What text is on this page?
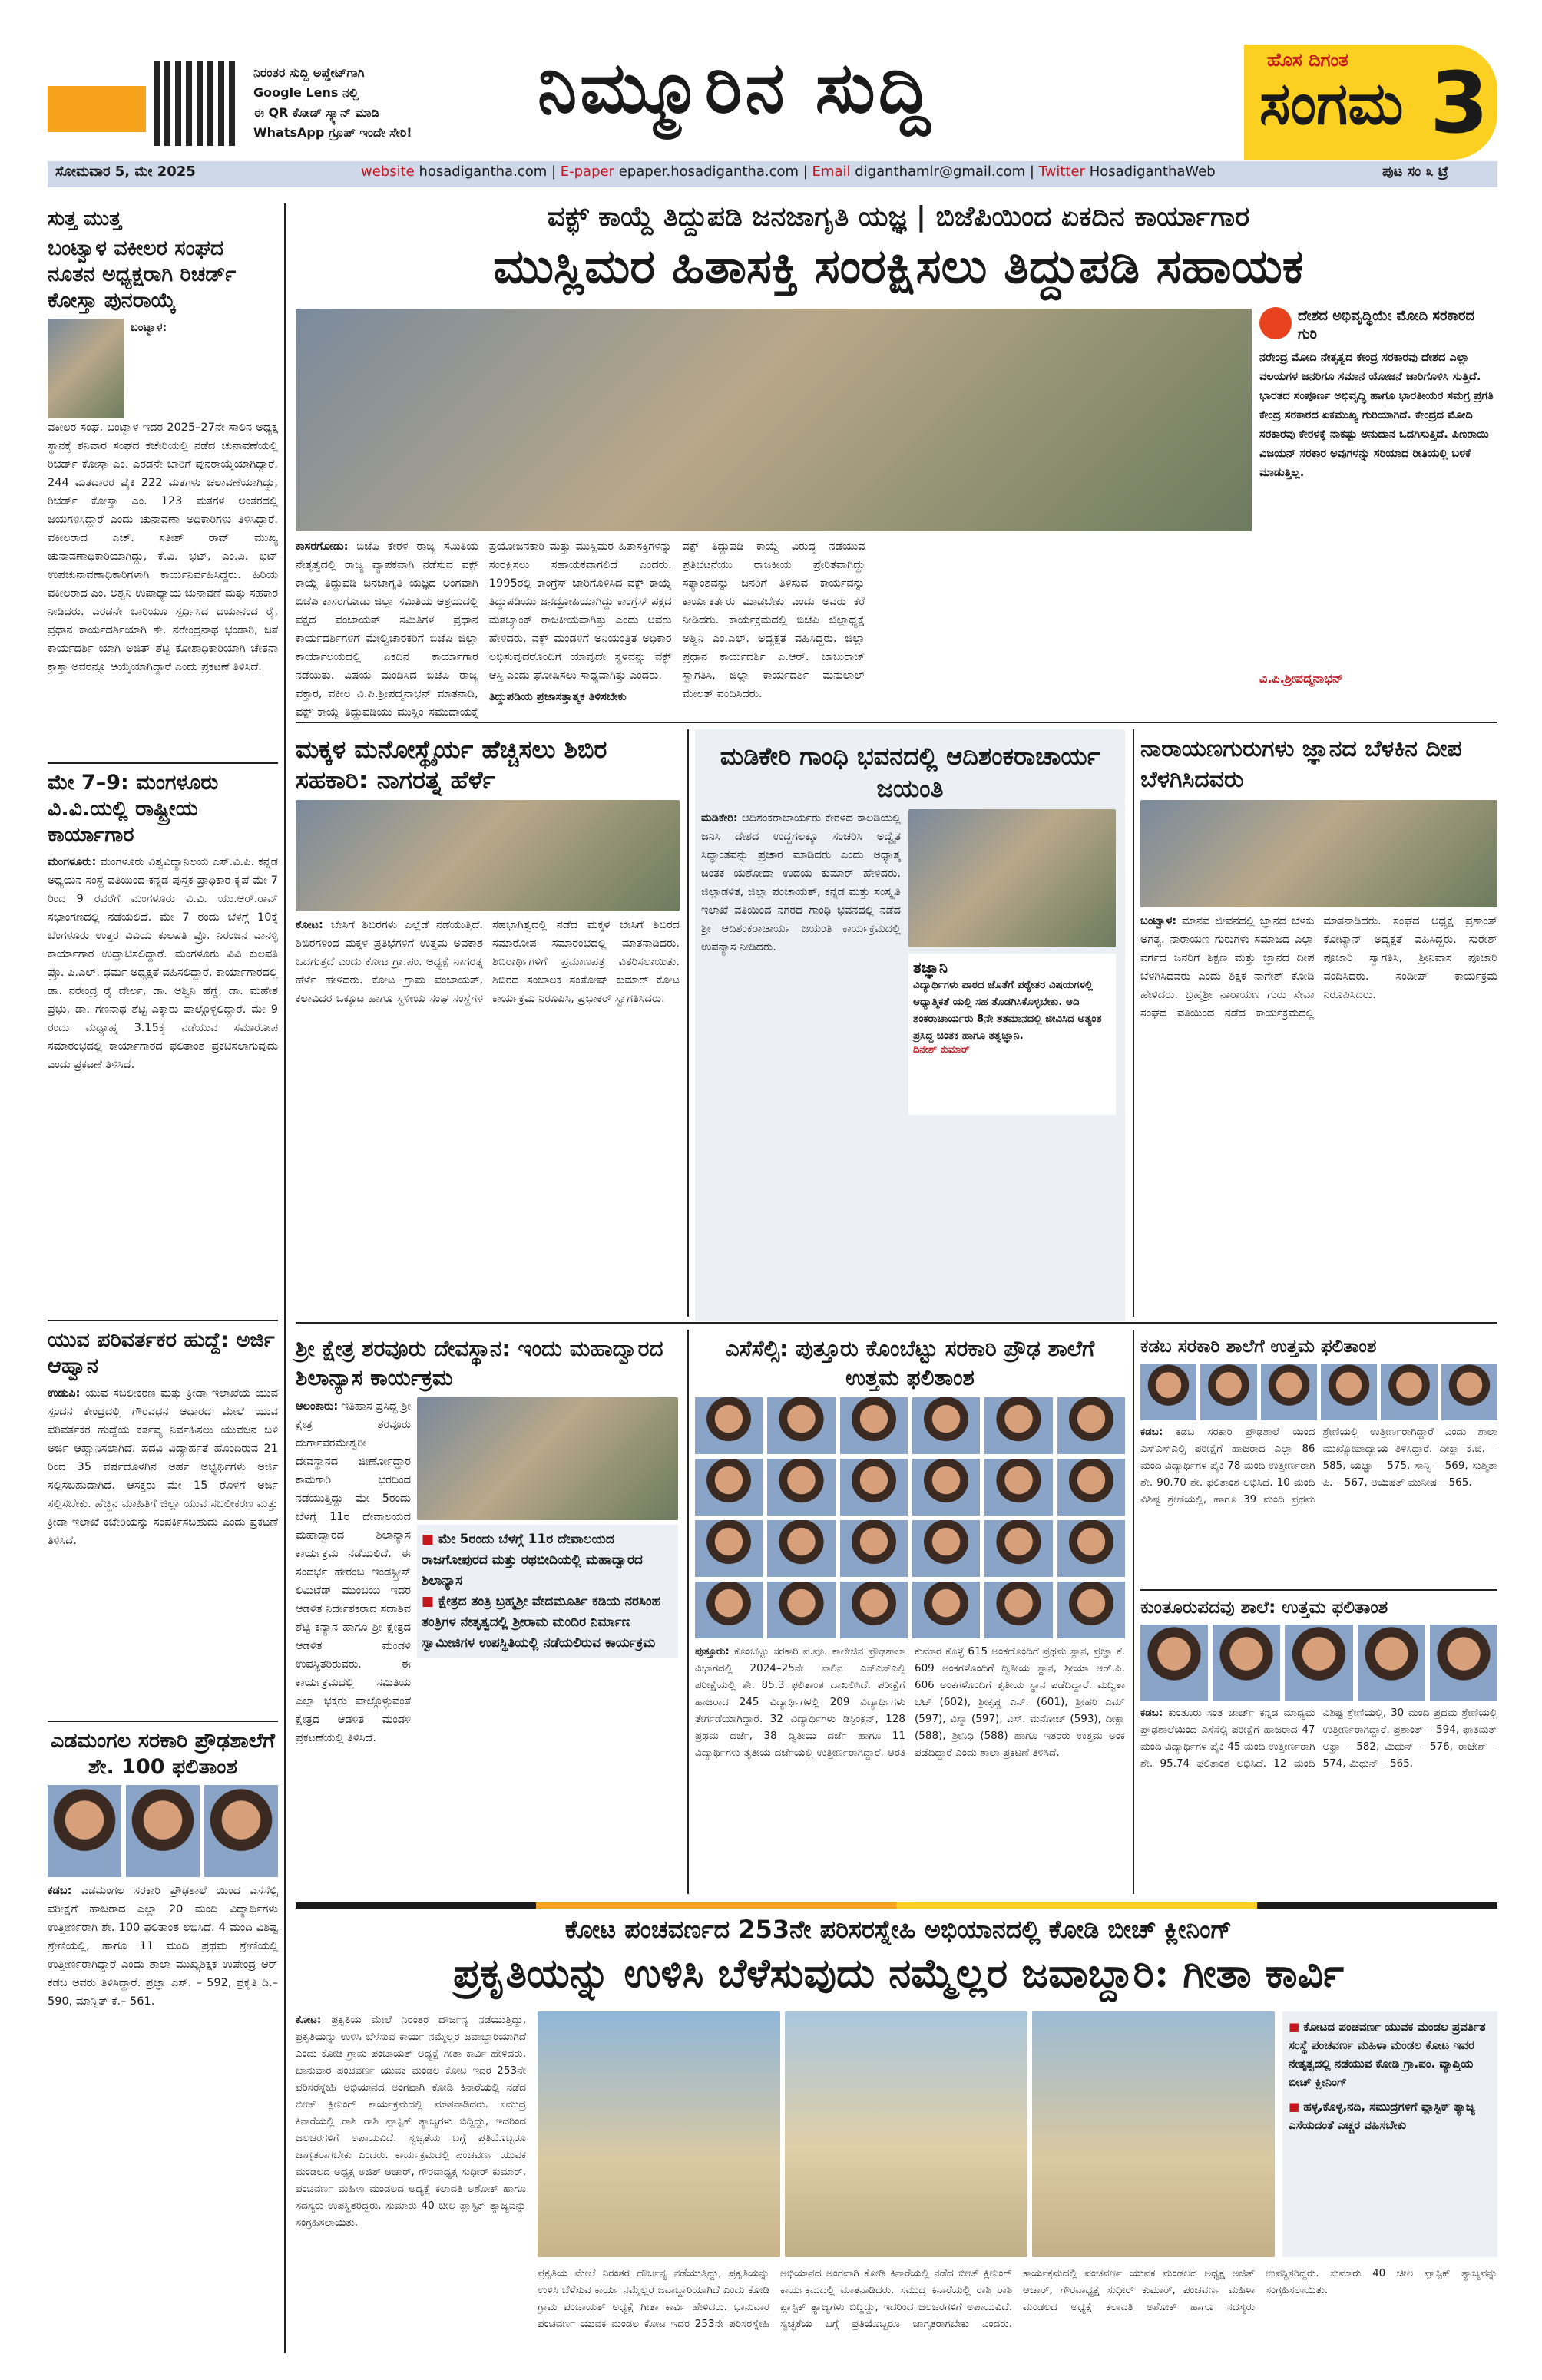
ನಿರಂತರ ಸುದ್ದಿ ಅಪ್ಡೇಟ್‌ಗಾಗಿ
Google Lens ನಲ್ಲಿ
ಈ QR ಕೋಡ್ ಸ್ಕ್ಯಾನ್ ಮಾಡಿ
WhatsApp ಗ್ರೂಪ್ ಇಂದೇ ಸೇರಿ!
ನಿಮ್ಮೂರಿನ ಸುದ್ದಿ	ಹೊಸ ದಿಗಂತ
ಸಂಗಮ 3
ಸೋಮವಾರ 5, ಮೇ 2025	website hosadigantha.com | E-paper epaper.hosadigantha.com | Email diganthamlr@gmail.com | Twitter HosadiganthaWeb	ಪುಟ ಸಂ ೩ ಟ್ರೆ
ಸುತ್ತ ಮುತ್ತ
ಬಂಟ್ವಾಳ ವಕೀಲರ ಸಂಘದ ನೂತನ ಅಧ್ಯಕ್ಷರಾಗಿ ರಿಚರ್ಡ್ ಕೋಸ್ತಾ ಪುನರಾಯ್ಕೆ
ಬಂಟ್ವಾಳ:
ವಕೀಲರ ಸಂಘ, ಬಂಟ್ವಾಳ ಇದರ 2025–27ನೇ ಸಾಲಿನ ಅಧ್ಯಕ್ಷ ಸ್ಥಾನಕ್ಕೆ ಶನಿವಾರ ಸಂಘದ ಕಚೇರಿಯಲ್ಲಿ ನಡೆದ ಚುನಾವಣೆಯಲ್ಲಿ ರಿಚರ್ಡ್ ಕೋಸ್ತಾ ಎಂ. ಎರಡನೇ ಬಾರಿಗೆ ಪುನರಾಯ್ಕೆಯಾಗಿದ್ದಾರೆ. 244 ಮತದಾರರ ಪೈಕಿ 222 ಮತಗಳು ಚಲಾವಣೆಯಾಗಿದ್ದು, ರಿಚರ್ಡ್ ಕೋಸ್ತಾ ಎಂ. 123 ಮತಗಳ ಅಂತರದಲ್ಲಿ ಜಯಗಳಿಸಿದ್ದಾರೆ ಎಂದು ಚುನಾವಣಾ ಅಧಿಕಾರಿಗಳು ತಿಳಿಸಿದ್ದಾರೆ. ವಕೀಲರಾದ ಎಚ್. ಸತೀಶ್ ರಾವ್ ಮುಖ್ಯ ಚುನಾವಣಾಧಿಕಾರಿಯಾಗಿದ್ದು, ಕೆ.ವಿ. ಭಟ್, ಎಂ.ಪಿ. ಭಟ್ ಉಪಚುನಾವಣಾಧಿಕಾರಿಗಳಾಗಿ ಕಾರ್ಯನಿರ್ವಹಿಸಿದ್ದರು. ಹಿರಿಯ ವಕೀಲರಾದ ಎಂ. ಅಶ್ವನಿ ಉಪಾಧ್ಯಾಯ ಚುನಾವಣೆ ಮತ್ತು ಸಹಕಾರ ನೀಡಿದರು. ಎರಡನೇ ಬಾರಿಯೂ ಸ್ಪರ್ಧಿಸಿದ ದಯಾನಂದ ರೈ, ಪ್ರಧಾನ ಕಾರ್ಯದರ್ಶಿಯಾಗಿ ಶೇ. ನರೇಂದ್ರನಾಥ ಭಂಡಾರಿ, ಜತೆ ಕಾರ್ಯದರ್ಶಿ ಯಾಗಿ ಅಜಿತ್ ಶೆಟ್ಟಿ ಕೋಶಾಧಿಕಾರಿಯಾಗಿ ಚೇತನಾ ಕ್ರಾಸ್ತಾ ಅವರನ್ನೂ ಆಯ್ಕೆಯಾಗಿದ್ದಾರೆ ಎಂದು ಪ್ರಕಟಣೆ ತಿಳಿಸಿದೆ.
ಮೇ 7–9: ಮಂಗಳೂರು ವಿ.ವಿ.ಯಲ್ಲಿ ರಾಷ್ಟ್ರೀಯ ಕಾರ್ಯಾಗಾರ
ಮಂಗಳೂರು: ಮಂಗಳೂರು ವಿಶ್ವವಿದ್ಯಾನಿಲಯ ಎಸ್.ವಿ.ಪಿ. ಕನ್ನಡ ಅಧ್ಯಯನ ಸಂಸ್ಥೆ ವತಿಯಿಂದ ಕನ್ನಡ ಪುಸ್ತಕ ಪ್ರಾಧಿಕಾರ ಕೃಪೆ ಮೇ 7 ರಿಂದ 9 ರವರೆಗೆ ಮಂಗಳೂರು ವಿ.ವಿ. ಯು.ಆರ್.ರಾವ್ ಸಭಾಂಗಣದಲ್ಲಿ ನಡೆಯಲಿದೆ. ಮೇ 7 ರಂದು ಬೆಳಗ್ಗೆ 10ಕ್ಕೆ ಬೆಂಗಳೂರು ಉತ್ತರ ವಿವಿಯ ಕುಲಪತಿ ಪ್ರೊ. ನಿರಂಜನ ವಾನಳ್ಳಿ ಕಾರ್ಯಾಗಾರ ಉದ್ಘಾಟಿಸಲಿದ್ದಾರೆ. ಮಂಗಳೂರು ವಿವಿ ಕುಲಪತಿ ಪ್ರೊ. ಪಿ.ಎಲ್. ಧರ್ಮ ಅಧ್ಯಕ್ಷತೆ ವಹಿಸಲಿದ್ದಾರೆ. ಕಾರ್ಯಾಗಾರದಲ್ಲಿ ಡಾ. ನರೇಂದ್ರ ರೈ ದೇರ್ಲ, ಡಾ. ಅಶ್ವಿನಿ ಹೆಗ್ಡೆ, ಡಾ. ಮಹೇಶ ಪ್ರಭು, ಡಾ. ಗಣನಾಥ ಶೆಟ್ಟಿ ಎಕ್ಕಾರು ಪಾಲ್ಗೊಳ್ಳಲಿದ್ದಾರೆ. ಮೇ 9 ರಂದು ಮಧ್ಯಾಹ್ನ 3.15ಕ್ಕೆ ನಡೆಯುವ ಸಮಾರೋಪ ಸಮಾರಂಭದಲ್ಲಿ ಕಾರ್ಯಾಗಾರದ ಫಲಿತಾಂಶ ಪ್ರಕಟಿಸಲಾಗುವುದು ಎಂದು ಪ್ರಕಟಣೆ ತಿಳಿಸಿದೆ.
ಯುವ ಪರಿವರ್ತಕರ ಹುದ್ದೆ: ಅರ್ಜಿ ಆಹ್ವಾನ
ಉಡುಪಿ: ಯುವ ಸಬಲೀಕರಣ ಮತ್ತು ಕ್ರೀಡಾ ಇಲಾಖೆಯ ಯುವ ಸ್ಪಂದನ ಕೇಂದ್ರದಲ್ಲಿ ಗೌರವಧನ ಆಧಾರದ ಮೇಲೆ ಯುವ ಪರಿವರ್ತಕರ ಹುದ್ದೆಯ ಕರ್ತವ್ಯ ನಿರ್ವಹಿಸಲು ಯುವಜನ ಬಳಿ ಅರ್ಜಿ ಆಹ್ವಾನಿಸಲಾಗಿದೆ. ಪದವಿ ವಿದ್ಯಾರ್ಹತೆ ಹೊಂದಿರುವ 21 ರಿಂದ 35 ವರ್ಷದೊಳಗಿನ ಅರ್ಹ ಅಭ್ಯರ್ಥಿಗಳು ಅರ್ಜಿ ಸಲ್ಲಿಸಬಹುದಾಗಿದೆ. ಆಸಕ್ತರು ಮೇ 15 ರೊಳಗೆ ಅರ್ಜಿ ಸಲ್ಲಿಸಬೇಕು. ಹೆಚ್ಚಿನ ಮಾಹಿತಿಗೆ ಜಿಲ್ಲಾ ಯುವ ಸಬಲೀಕರಣ ಮತ್ತು ಕ್ರೀಡಾ ಇಲಾಖೆ ಕಚೇರಿಯನ್ನು ಸಂಪರ್ಕಿಸಬಹುದು ಎಂದು ಪ್ರಕಟಣೆ ತಿಳಿಸಿದೆ.
ಎಡಮಂಗಲ ಸರಕಾರಿ ಪ್ರೌಢಶಾಲೆಗೆ ಶೇ. 100 ಫಲಿತಾಂಶ
ಕಡಬ: ಎಡಮಂಗಲ ಸರಕಾರಿ ಪ್ರೌಢಶಾಲೆ ಯಿಂದ ಎಸೆಸೆಲ್ಸಿ ಪರೀಕ್ಷೆಗೆ ಹಾಜರಾದ ಎಲ್ಲಾ 20 ಮಂದಿ ವಿದ್ಯಾರ್ಥಿಗಳು ಉತ್ತೀರ್ಣರಾಗಿ ಶೇ. 100 ಫಲಿತಾಂಶ ಲಭಿಸಿದೆ. 4 ಮಂದಿ ವಿಶಿಷ್ಟ ಶ್ರೇಣಿಯಲ್ಲಿ, ಹಾಗೂ 11 ಮಂದಿ ಪ್ರಥಮ ಶ್ರೇಣಿಯಲ್ಲಿ ಉತ್ತೀರ್ಣರಾಗಿದ್ದಾರೆ ಎಂದು ಶಾಲಾ ಮುಖ್ಯಶಿಕ್ಷಕ ಉಪೇಂದ್ರ ಆರ್ ಕಡಬ ಅವರು ತಿಳಿಸಿದ್ದಾರೆ. ಪ್ರಜ್ಞಾ ಎಸ್. – 592, ಪ್ರಕೃತಿ ಡಿ.– 590, ಮಾನ್ವಿತ್ ಕೆ.– 561.
ವಕ್ಫ್ ಕಾಯ್ದೆ ತಿದ್ದುಪಡಿ ಜನಜಾಗೃತಿ ಯಜ್ಞ | ಬಿಜೆಪಿಯಿಂದ ಏಕದಿನ ಕಾರ್ಯಾಗಾರ
ಮುಸ್ಲಿಮರ ಹಿತಾಸಕ್ತಿ ಸಂರಕ್ಷಿಸಲು ತಿದ್ದುಪಡಿ ಸಹಾಯಕ
ಕಾಸರಗೋಡು: ಬಿಜೆಪಿ ಕೇರಳ ರಾಜ್ಯ ಸಮಿತಿಯ ನೇತೃತ್ವದಲ್ಲಿ ರಾಜ್ಯ ವ್ಯಾಪಕವಾಗಿ ನಡೆಸುವ ವಕ್ಫ್ ಕಾಯ್ದೆ ತಿದ್ದುಪಡಿ ಜನಜಾಗೃತಿ ಯಜ್ಞದ ಅಂಗವಾಗಿ ಬಿಜೆಪಿ ಕಾಸರಗೋಡು ಜಿಲ್ಲಾ ಸಮಿತಿಯ ಆಶ್ರಯದಲ್ಲಿ ಪಕ್ಷದ ಪಂಚಾಯತ್ ಸಮಿತಿಗಳ ಪ್ರಧಾನ ಕಾರ್ಯದರ್ಶಿಗಳಿಗೆ ಮೇಲ್ವಿಚಾರಕರಿಗೆ ಬಿಜೆಪಿ ಜಿಲ್ಲಾ ಕಾರ್ಯಾಲಯದಲ್ಲಿ ಏಕದಿನ ಕಾರ್ಯಾಗಾರ ನಡೆಯಿತು. ವಿಷಯ ಮಂಡಿಸಿದ ಬಿಜೆಪಿ ರಾಜ್ಯ ವಕ್ತಾರ, ವಕೀಲ ವಿ.ಪಿ.ಶ್ರೀಪದ್ಮನಾಭನ್ ಮಾತನಾಡಿ, ವಕ್ಫ್ ಕಾಯ್ದೆ ತಿದ್ದುಪಡಿಯು ಮುಸ್ಲಿಂ ಸಮುದಾಯಕ್ಕೆ ಪ್ರಯೋಜನಕಾರಿ ಮತ್ತು ಮುಸ್ಲಿಮರ ಹಿತಾಸಕ್ತಿಗಳನ್ನು ಸಂರಕ್ಷಿಸಲು ಸಹಾಯಕವಾಗಲಿದೆ ಎಂದರು. 1995ರಲ್ಲಿ ಕಾಂಗ್ರೆಸ್ ಜಾರಿಗೊಳಿಸಿದ ವಕ್ಫ್ ಕಾಯ್ದೆ ತಿದ್ದುಪಡಿಯು ಜನದ್ರೋಹಿಯಾಗಿದ್ದು ಕಾಂಗ್ರೆಸ್ ಪಕ್ಷದ ಮತಬ್ಯಾಂಕ್ ರಾಜಕೀಯವಾಗಿತ್ತು ಎಂದು ಅವರು ಹೇಳಿದರು. ವಕ್ಫ್ ಮಂಡಳಿಗೆ ಅನಿಯಂತ್ರಿತ ಅಧಿಕಾರ ಲಭಿಸುವುದರೊಂದಿಗೆ ಯಾವುದೇ ಸ್ಥಳವನ್ನು ವಕ್ಫ್ ಆಸ್ತಿ ಎಂದು ಘೋಷಿಸಲು ಸಾಧ್ಯವಾಗಿತ್ತು ಎಂದರು.
ತಿದ್ದುಪಡಿಯ ಪ್ರಜಾಸತ್ತಾತ್ಮಕ ತಿಳಿಸಬೇಕು
ವಕ್ಫ್ ತಿದ್ದುಪಡಿ ಕಾಯ್ದೆ ವಿರುದ್ಧ ನಡೆಯುವ ಪ್ರತಿಭಟನೆಯು ರಾಜಕೀಯ ಪ್ರೇರಿತವಾಗಿದ್ದು ಸತ್ಯಾಂಶವನ್ನು ಜನರಿಗೆ ತಿಳಿಸುವ ಕಾರ್ಯವನ್ನು ಕಾರ್ಯಕರ್ತರು ಮಾಡಬೇಕು ಎಂದು ಅವರು ಕರೆ ನೀಡಿದರು. ಕಾರ್ಯಕ್ರಮದಲ್ಲಿ ಬಿಜೆಪಿ ಜಿಲ್ಲಾಧ್ಯಕ್ಷೆ ಅಶ್ವಿನಿ ಎಂ.ಎಲ್. ಅಧ್ಯಕ್ಷತೆ ವಹಿಸಿದ್ದರು. ಜಿಲ್ಲಾ ಪ್ರಧಾನ ಕಾರ್ಯದರ್ಶಿ ಎ.ಆರ್. ಬಾಬುರಾಜ್ ಸ್ವಾಗತಿಸಿ, ಜಿಲ್ಲಾ ಕಾರ್ಯದರ್ಶಿ ಮನುಲಾಲ್ ಮೇಲತ್ ವಂದಿಸಿದರು.
ದೇಶದ ಅಭಿವೃದ್ಧಿಯೇ ಮೋದಿ ಸರಕಾರದ ಗುರಿ
ನರೇಂದ್ರ ಮೋದಿ ನೇತೃತ್ವದ ಕೇಂದ್ರ ಸರಕಾರವು ದೇಶದ ಎಲ್ಲಾ ವಲಯಗಳ ಜನರಿಗೂ ಸಮಾನ ಯೋಜನೆ ಜಾರಿಗೊಳಿಸಿ ಸುತ್ತಿದೆ. ಭಾರತದ ಸಂಪೂರ್ಣ ಅಭಿವೃದ್ಧಿ ಹಾಗೂ ಭಾರತೀಯರ ಸಮಗ್ರ ಪ್ರಗತಿ ಕೇಂದ್ರ ಸರಕಾರದ ಏಕಮುಖ್ಯ ಗುರಿಯಾಗಿದೆ. ಕೇಂದ್ರದ ಮೋದಿ ಸರಕಾರವು ಕೇರಳಕ್ಕೆ ನಾಕಷ್ಟು ಅನುದಾನ ಒದಗಿಸುತ್ತಿದೆ. ಪಿಣರಾಯಿ ವಿಜಯನ್ ಸರಕಾರ ಅವುಗಳನ್ನು ಸರಿಯಾದ ರೀತಿಯಲ್ಲಿ ಬಳಕೆ ಮಾಡುತ್ತಿಲ್ಲ.
ವಿ.ಪಿ.ಶ್ರೀಪದ್ಮನಾಭನ್
ಮಕ್ಕಳ ಮನೋಸ್ಥೈರ್ಯ ಹೆಚ್ಚಿಸಲು ಶಿಬಿರ ಸಹಕಾರಿ: ನಾಗರತ್ನ ಹೆರ್ಳೆ
ಕೋಟ: ಬೇಸಿಗೆ ಶಿಬಿರಗಳು ಎಲ್ಲೆಡೆ ನಡೆಯುತ್ತಿದೆ. ಶಿಬಿರಗಳಿಂದ ಮಕ್ಕಳ ಪ್ರತಿಭೆಗಳಿಗೆ ಉತ್ತಮ ಅವಕಾಶ ಒದಗುತ್ತದೆ ಎಂದು ಕೋಟ ಗ್ರಾ.ಪಂ. ಅಧ್ಯಕ್ಷೆ ನಾಗರತ್ನ ಹೆರ್ಳೆ ಹೇಳಿದರು. ಕೋಟ ಗ್ರಾಮ ಪಂಚಾಯತ್, ಕಲಾವಿದರ ಒಕ್ಕೂಟ ಹಾಗೂ ಸ್ಥಳೀಯ ಸಂಘ ಸಂಸ್ಥೆಗಳ ಸಹಭಾಗಿತ್ವದಲ್ಲಿ ನಡೆದ ಮಕ್ಕಳ ಬೇಸಿಗೆ ಶಿಬಿರದ ಸಮಾರೋಪ ಸಮಾರಂಭದಲ್ಲಿ ಮಾತನಾಡಿದರು. ಶಿಬಿರಾರ್ಥಿಗಳಿಗೆ ಪ್ರಮಾಣಪತ್ರ ವಿತರಿಸಲಾಯಿತು. ಶಿಬಿರದ ಸಂಚಾಲಕ ಸಂತೋಷ್ ಕುಮಾರ್ ಕೋಟ ಕಾರ್ಯಕ್ರಮ ನಿರೂಪಿಸಿ, ಪ್ರಭಾಕರ್ ಸ್ವಾಗತಿಸಿದರು.
ಮಡಿಕೇರಿ ಗಾಂಧಿ ಭವನದಲ್ಲಿ ಆದಿಶಂಕರಾಚಾರ್ಯ ಜಯಂತಿ
ಮಡಿಕೇರಿ: ಆದಿಶಂಕರಾಚಾರ್ಯರು ಕೇರಳದ ಕಾಲಡಿಯಲ್ಲಿ ಜನಿಸಿ ದೇಶದ ಉದ್ದಗಲಕ್ಕೂ ಸಂಚರಿಸಿ ಅದ್ವೈತ ಸಿದ್ಧಾಂತವನ್ನು ಪ್ರಚಾರ ಮಾಡಿದರು ಎಂದು ಅಧ್ಯಾತ್ಮ ಚಿಂತಕ ಯಶೋದಾ ಉದಯ ಕುಮಾರ್ ಹೇಳಿದರು. ಜಿಲ್ಲಾಡಳಿತ, ಜಿಲ್ಲಾ ಪಂಚಾಯತ್, ಕನ್ನಡ ಮತ್ತು ಸಂಸ್ಕೃತಿ ಇಲಾಖೆ ವತಿಯಿಂದ ನಗರದ ಗಾಂಧಿ ಭವನದಲ್ಲಿ ನಡೆದ ಶ್ರೀ ಆದಿಶಂಕರಾಚಾರ್ಯ ಜಯಂತಿ ಕಾರ್ಯಕ್ರಮದಲ್ಲಿ ಉಪನ್ಯಾಸ ನೀಡಿದರು.
ತಜ್ಞಾನಿ
ವಿದ್ಯಾರ್ಥಿಗಳು ಪಾಠದ ಜೊತೆಗೆ ಪಠ್ಯೇತರ ವಿಷಯಗಳಲ್ಲಿ ಆಧ್ಯಾತ್ಮಿಕತೆ ಯಲ್ಲಿ ಸಹ ತೊಡಗಿಸಿಕೊಳ್ಳಬೇಕು. ಆದಿ ಶಂಕರಾಚಾರ್ಯರು 8ನೇ ಶತಮಾನದಲ್ಲಿ ಜೀವಿಸಿದ ಅತ್ಯಂತ ಪ್ರಸಿದ್ಧ ಚಿಂತಕ ಹಾಗೂ ತತ್ವಜ್ಞಾನಿ.
ದಿನೇಶ್ ಕುಮಾರ್
ನಾರಾಯಣಗುರುಗಳು ಜ್ಞಾನದ ಬೆಳಕಿನ ದೀಪ ಬೆಳಗಿಸಿದವರು
ಬಂಟ್ವಾಳ: ಮಾನವ ಜೀವನದಲ್ಲಿ ಜ್ಞಾನದ ಬೆಳಕು ಅಗತ್ಯ. ನಾರಾಯಣ ಗುರುಗಳು ಸಮಾಜದ ಎಲ್ಲಾ ವರ್ಗದ ಜನರಿಗೆ ಶಿಕ್ಷಣ ಮತ್ತು ಜ್ಞಾನದ ದೀಪ ಬೆಳಗಿಸಿದವರು ಎಂದು ಶಿಕ್ಷಕ ನಾಗೇಶ್ ಕೋಡಿ ಹೇಳಿದರು. ಬ್ರಹ್ಮಶ್ರೀ ನಾರಾಯಣ ಗುರು ಸೇವಾ ಸಂಘದ ವತಿಯಿಂದ ನಡೆದ ಕಾರ್ಯಕ್ರಮದಲ್ಲಿ ಮಾತನಾಡಿದರು. ಸಂಘದ ಅಧ್ಯಕ್ಷ ಪ್ರಶಾಂತ್ ಕೋಟ್ಯಾನ್ ಅಧ್ಯಕ್ಷತೆ ವಹಿಸಿದ್ದರು. ಸುರೇಶ್ ಪೂಜಾರಿ ಸ್ವಾಗತಿಸಿ, ಶ್ರೀನಿವಾಸ ಪೂಜಾರಿ ವಂದಿಸಿದರು. ಸಂದೀಪ್ ಕಾರ್ಯಕ್ರಮ ನಿರೂಪಿಸಿದರು.
ಶ್ರೀ ಕ್ಷೇತ್ರ ಶರವೂರು ದೇವಸ್ಥಾನ: ಇಂದು ಮಹಾದ್ವಾರದ ಶಿಲಾನ್ಯಾಸ ಕಾರ್ಯಕ್ರಮ
ಆಲಂಕಾರು: ಇತಿಹಾಸ ಪ್ರಸಿದ್ಧ ಶ್ರೀ ಕ್ಷೇತ್ರ ಶರವೂರು ದುರ್ಗಾಪರಮೇಶ್ವರೀ ದೇವಸ್ಥಾನದ ಜೀರ್ಣೋದ್ಧಾರ ಕಾಮಗಾರಿ ಭರದಿಂದ ನಡೆಯುತ್ತಿದ್ದು ಮೇ 5ರಂದು ಬೆಳಗ್ಗೆ 11ರ ದೇವಾಲಯದ ಮಹಾದ್ವಾರದ ಶಿಲಾನ್ಯಾಸ ಕಾರ್ಯಕ್ರಮ ನಡೆಯಲಿದೆ. ಈ ಸಂದರ್ಭ ಹೇರಂಬ ಇಂಡಸ್ಟ್ರೀಸ್ ಲಿಮಿಟೆಡ್ ಮುಂಬಯಿ ಇದರ ಆಡಳಿತ ನಿರ್ದೇಶಕರಾದ ಸದಾಶಿವ ಶೆಟ್ಟಿ ಕನ್ಯಾನ ಹಾಗೂ ಶ್ರೀ ಕ್ಷೇತ್ರದ ಆಡಳಿತ ಮಂಡಳಿ ಉಪಸ್ಥಿತರಿರುವರು. ಈ ಕಾರ್ಯಕ್ರಮದಲ್ಲಿ ಸಮಿತಿಯ ಎಲ್ಲಾ ಭಕ್ತರು ಪಾಲ್ಗೊಳ್ಳುವಂತೆ ಕ್ಷೇತ್ರದ ಆಡಳಿತ ಮಂಡಳಿ ಪ್ರಕಟಣೆಯಲ್ಲಿ ತಿಳಿಸಿದೆ.
■ ಮೇ 5ರಂದು ಬೆಳಗ್ಗೆ 11ರ ದೇವಾಲಯದ ರಾಜಗೋಪುರದ ಮತ್ತು ರಥಬೀದಿಯಲ್ಲಿ ಮಹಾದ್ವಾರದ ಶಿಲಾನ್ಯಾಸ
■ ಕ್ಷೇತ್ರದ ತಂತ್ರಿ ಬ್ರಹ್ಮಶ್ರೀ ವೇದಮೂರ್ತಿ ಕಡಿಯ ನರಸಿಂಹ ತಂತ್ರಿಗಳ ನೇತೃತ್ವದಲ್ಲಿ ಶ್ರೀರಾಮ ಮಂದಿರ ನಿರ್ಮಾಣ ಸ್ವಾಮೀಜಿಗಳ ಉಪಸ್ಥಿತಿಯಲ್ಲಿ ನಡೆಯಲಿರುವ ಕಾರ್ಯಕ್ರಮ
ಎಸೆಸೆಲ್ಸಿ: ಪುತ್ತೂರು ಕೊಂಬೆಟ್ಟು ಸರಕಾರಿ ಪ್ರೌಢ ಶಾಲೆಗೆ ಉತ್ತಮ ಫಲಿತಾಂಶ
ಪುತ್ತೂರು: ಕೊಂಬೆಟ್ಟು ಸರಕಾರಿ ಪ.ಪೂ. ಕಾಲೇಜಿನ ಪ್ರೌಢಶಾಲಾ ವಿಭಾಗದಲ್ಲಿ 2024–25ನೇ ಸಾಲಿನ ಎಸ್ಎಸ್ಎಲ್ಸಿ ಪರೀಕ್ಷೆಯಲ್ಲಿ ಶೇ. 85.3 ಫಲಿತಾಂಶ ದಾಖಲಿಸಿದೆ. ಪರೀಕ್ಷೆಗೆ ಹಾಜರಾದ 245 ವಿದ್ಯಾರ್ಥಿಗಳಲ್ಲಿ 209 ವಿದ್ಯಾರ್ಥಿಗಳು ತೇರ್ಗಡೆಯಾಗಿದ್ದಾರೆ. 32 ವಿದ್ಯಾರ್ಥಿಗಳು ಡಿಸ್ಟಿಂಕ್ಷನ್, 128 ಪ್ರಥಮ ದರ್ಜೆ, 38 ದ್ವಿತೀಯ ದರ್ಜೆ ಹಾಗೂ 11 ವಿದ್ಯಾರ್ಥಿಗಳು ತೃತೀಯ ದರ್ಜೆಯಲ್ಲಿ ಉತ್ತೀರ್ಣರಾಗಿದ್ದಾರೆ. ಆರತಿ ಕುಮಾರ ಕೊಳ್ಳೆ 615 ಅಂಕದೊಂದಿಗೆ ಪ್ರಥಮ ಸ್ಥಾನ, ಪ್ರಜ್ಞಾ ಕೆ. 609 ಅಂಕಗಳೊಂದಿಗೆ ದ್ವಿತೀಯ ಸ್ಥಾನ, ಶ್ರೀಯಾ ಆರ್.ಪಿ. 606 ಅಂಕಗಳೊಂದಿಗೆ ತೃತೀಯ ಸ್ಥಾನ ಪಡೆದಿದ್ದಾರೆ. ಮದ್ವಿತಾ ಭಟ್ (602), ಶ್ರೀಕೃಷ್ಣ ಎನ್. (601), ಶ್ರೀಹರಿ ಎಮ್ (597), ವಿಸ್ಮಾ (597), ಎಸ್. ಮನೋಜ್ (593), ದೀಕ್ಷಾ (588), ಶ್ರೀನಿಧಿ (588) ಹಾಗೂ ಇತರರು ಉತ್ತಮ ಅಂಕ ಪಡೆದಿದ್ದಾರೆ ಎಂದು ಶಾಲಾ ಪ್ರಕಟಣೆ ತಿಳಿಸಿದೆ.
ಕಡಬ ಸರಕಾರಿ ಶಾಲೆಗೆ ಉತ್ತಮ ಫಲಿತಾಂಶ
ಕಡಬ: ಕಡಬ ಸರಕಾರಿ ಪ್ರೌಢಶಾಲೆ ಯಿಂದ ಎಸ್ಎಸ್ಎಲ್ಸಿ ಪರೀಕ್ಷೆಗೆ ಹಾಜರಾದ ಎಲ್ಲಾ 86 ಮಂದಿ ವಿದ್ಯಾರ್ಥಿಗಳ ಪೈಕಿ 78 ಮಂದಿ ಉತ್ತೀರ್ಣರಾಗಿ ಶೇ. 90.70 ಶೇ. ಫಲಿತಾಂಶ ಲಭಿಸಿದೆ. 10 ಮಂದಿ ವಿಶಿಷ್ಟ ಶ್ರೇಣಿಯಲ್ಲಿ, ಹಾಗೂ 39 ಮಂದಿ ಪ್ರಥಮ ಶ್ರೇಣಿಯಲ್ಲಿ ಉತ್ತೀರ್ಣರಾಗಿದ್ದಾರೆ ಎಂದು ಶಾಲಾ ಮುಖ್ಯೋಪಾಧ್ಯಾಯ ತಿಳಿಸಿದ್ದಾರೆ. ದೀಕ್ಷಾ ಕೆ.ಜಿ. – 585, ಯಜ್ಞಾ – 575, ಸಾನ್ವಿ – 569, ಸುಶ್ಮಿತಾ ಪಿ. – 567, ಆಯಿಷತ್ ಮುನೀಷ – 565.
ಕುಂತೂರುಪದವು ಶಾಲೆ: ಉತ್ತಮ ಫಲಿತಾಂಶ
ಕಡಬ: ಕುಂತೂರು ಸಂತ ಜಾರ್ಜ್ ಕನ್ನಡ ಮಾಧ್ಯಮ ಪ್ರೌಢಶಾಲೆಯಿಂದ ಎಸೆಸೆಲ್ಸಿ ಪರೀಕ್ಷೆಗೆ ಹಾಜರಾದ 47 ಮಂದಿ ವಿದ್ಯಾರ್ಥಿಗಳ ಪೈಕಿ 45 ಮಂದಿ ಉತ್ತೀರ್ಣರಾಗಿ ಶೇ. 95.74 ಫಲಿತಾಂಶ ಲಭಿಸಿದೆ. 12 ಮಂದಿ ವಿಶಿಷ್ಟ ಶ್ರೇಣಿಯಲ್ಲಿ, 30 ಮಂದಿ ಪ್ರಥಮ ಶ್ರೇಣಿಯಲ್ಲಿ ಉತ್ತೀರ್ಣರಾಗಿದ್ದಾರೆ. ಪ್ರಶಾಂತ್ – 594, ಫಾತಿಮತ್ ಅಫ್ರಾ – 582, ಮಿಥುನ್ – 576, ರಾಜೇಶ್ – 574, ಮಿಥುನ್ – 565.
ಕೋಟ ಪಂಚವರ್ಣದ 253ನೇ ಪರಿಸರಸ್ನೇಹಿ ಅಭಿಯಾನದಲ್ಲಿ ಕೋಡಿ ಬೀಚ್ ಕ್ಲೀನಿಂಗ್
ಪ್ರಕೃತಿಯನ್ನು ಉಳಿಸಿ ಬೆಳೆಸುವುದು ನಮ್ಮೆಲ್ಲರ ಜವಾಬ್ದಾರಿ: ಗೀತಾ ಕಾರ್ವಿ
ಕೋಟ: ಪ್ರಕೃತಿಯ ಮೇಲೆ ನಿರಂತರ ದೌರ್ಜನ್ಯ ನಡೆಯುತ್ತಿದ್ದು, ಪ್ರಕೃತಿಯನ್ನು ಉಳಿಸಿ ಬೆಳೆಸುವ ಕಾರ್ಯ ನಮ್ಮೆಲ್ಲರ ಜವಾಬ್ದಾರಿಯಾಗಿದೆ ಎಂದು ಕೋಡಿ ಗ್ರಾಮ ಪಂಚಾಯತ್ ಅಧ್ಯಕ್ಷೆ ಗೀತಾ ಕಾರ್ವಿ ಹೇಳಿದರು. ಭಾನುವಾರ ಪಂಚವರ್ಣ ಯುವಕ ಮಂಡಲ ಕೋಟ ಇದರ 253ನೇ ಪರಿಸರಸ್ನೇಹಿ ಅಭಿಯಾನದ ಅಂಗವಾಗಿ ಕೋಡಿ ಕಿನಾರೆಯಲ್ಲಿ ನಡೆದ ಬೀಚ್ ಕ್ಲೀನಿಂಗ್ ಕಾರ್ಯಕ್ರಮದಲ್ಲಿ ಮಾತನಾಡಿದರು. ಸಮುದ್ರ ಕಿನಾರೆಯಲ್ಲಿ ರಾಶಿ ರಾಶಿ ಪ್ಲಾಸ್ಟಿಕ್ ತ್ಯಾಜ್ಯಗಳು ಬಿದ್ದಿದ್ದು, ಇದರಿಂದ ಜಲಚರಗಳಿಗೆ ಅಪಾಯವಿದೆ. ಸ್ವಚ್ಛತೆಯ ಬಗ್ಗೆ ಪ್ರತಿಯೊಬ್ಬರೂ ಜಾಗೃತರಾಗಬೇಕು ಎಂದರು. ಕಾರ್ಯಕ್ರಮದಲ್ಲಿ ಪಂಚವರ್ಣ ಯುವಕ ಮಂಡಲದ ಅಧ್ಯಕ್ಷ ಅಜಿತ್ ಆಚಾರ್, ಗೌರವಾಧ್ಯಕ್ಷ ಸುಧೀರ್ ಕುಮಾರ್, ಪಂಚವರ್ಣ ಮಹಿಳಾ ಮಂಡಲದ ಅಧ್ಯಕ್ಷೆ ಕಲಾವತಿ ಅಶೋಕ್ ಹಾಗೂ ಸದಸ್ಯರು ಉಪಸ್ಥಿತರಿದ್ದರು. ಸುಮಾರು 40 ಚೀಲ ಪ್ಲಾಸ್ಟಿಕ್ ತ್ಯಾಜ್ಯವನ್ನು ಸಂಗ್ರಹಿಸಲಾಯಿತು.
■ ಕೋಟದ ಪಂಚವರ್ಣ ಯುವಕ ಮಂಡಲ ಪ್ರವರ್ತಿತ ಸಂಸ್ಥೆ ಪಂಚವರ್ಣ ಮಹಿಳಾ ಮಂಡಲ ಕೋಟ ಇವರ ನೇತೃತ್ವದಲ್ಲಿ ನಡೆಯುವ ಕೋಡಿ ಗ್ರಾ.ಪಂ. ವ್ಯಾಪ್ತಿಯ ಬೀಚ್ ಕ್ಲೀನಿಂಗ್
■ ಹಳ್ಳ,ಕೊಳ್ಳ,ನದಿ, ಸಮುದ್ರಗಳಿಗೆ ಪ್ಲಾಸ್ಟಿಕ್ ತ್ಯಾಜ್ಯ ಎಸೆಯದಂತೆ ಎಚ್ಚರ ವಹಿಸಬೇಕು
ಪ್ರಕೃತಿಯ ಮೇಲೆ ನಿರಂತರ ದೌರ್ಜನ್ಯ ನಡೆಯುತ್ತಿದ್ದು, ಪ್ರಕೃತಿಯನ್ನು ಉಳಿಸಿ ಬೆಳೆಸುವ ಕಾರ್ಯ ನಮ್ಮೆಲ್ಲರ ಜವಾಬ್ದಾರಿಯಾಗಿದೆ ಎಂದು ಕೋಡಿ ಗ್ರಾಮ ಪಂಚಾಯತ್ ಅಧ್ಯಕ್ಷೆ ಗೀತಾ ಕಾರ್ವಿ ಹೇಳಿದರು. ಭಾನುವಾರ ಪಂಚವರ್ಣ ಯುವಕ ಮಂಡಲ ಕೋಟ ಇದರ 253ನೇ ಪರಿಸರಸ್ನೇಹಿ ಅಭಿಯಾನದ ಅಂಗವಾಗಿ ಕೋಡಿ ಕಿನಾರೆಯಲ್ಲಿ ನಡೆದ ಬೀಚ್ ಕ್ಲೀನಿಂಗ್ ಕಾರ್ಯಕ್ರಮದಲ್ಲಿ ಮಾತನಾಡಿದರು. ಸಮುದ್ರ ಕಿನಾರೆಯಲ್ಲಿ ರಾಶಿ ರಾಶಿ ಪ್ಲಾಸ್ಟಿಕ್ ತ್ಯಾಜ್ಯಗಳು ಬಿದ್ದಿದ್ದು, ಇದರಿಂದ ಜಲಚರಗಳಿಗೆ ಅಪಾಯವಿದೆ. ಸ್ವಚ್ಛತೆಯ ಬಗ್ಗೆ ಪ್ರತಿಯೊಬ್ಬರೂ ಜಾಗೃತರಾಗಬೇಕು ಎಂದರು. ಕಾರ್ಯಕ್ರಮದಲ್ಲಿ ಪಂಚವರ್ಣ ಯುವಕ ಮಂಡಲದ ಅಧ್ಯಕ್ಷ ಅಜಿತ್ ಆಚಾರ್, ಗೌರವಾಧ್ಯಕ್ಷ ಸುಧೀರ್ ಕುಮಾರ್, ಪಂಚವರ್ಣ ಮಹಿಳಾ ಮಂಡಲದ ಅಧ್ಯಕ್ಷೆ ಕಲಾವತಿ ಅಶೋಕ್ ಹಾಗೂ ಸದಸ್ಯರು ಉಪಸ್ಥಿತರಿದ್ದರು. ಸುಮಾರು 40 ಚೀಲ ಪ್ಲಾಸ್ಟಿಕ್ ತ್ಯಾಜ್ಯವನ್ನು ಸಂಗ್ರಹಿಸಲಾಯಿತು.
